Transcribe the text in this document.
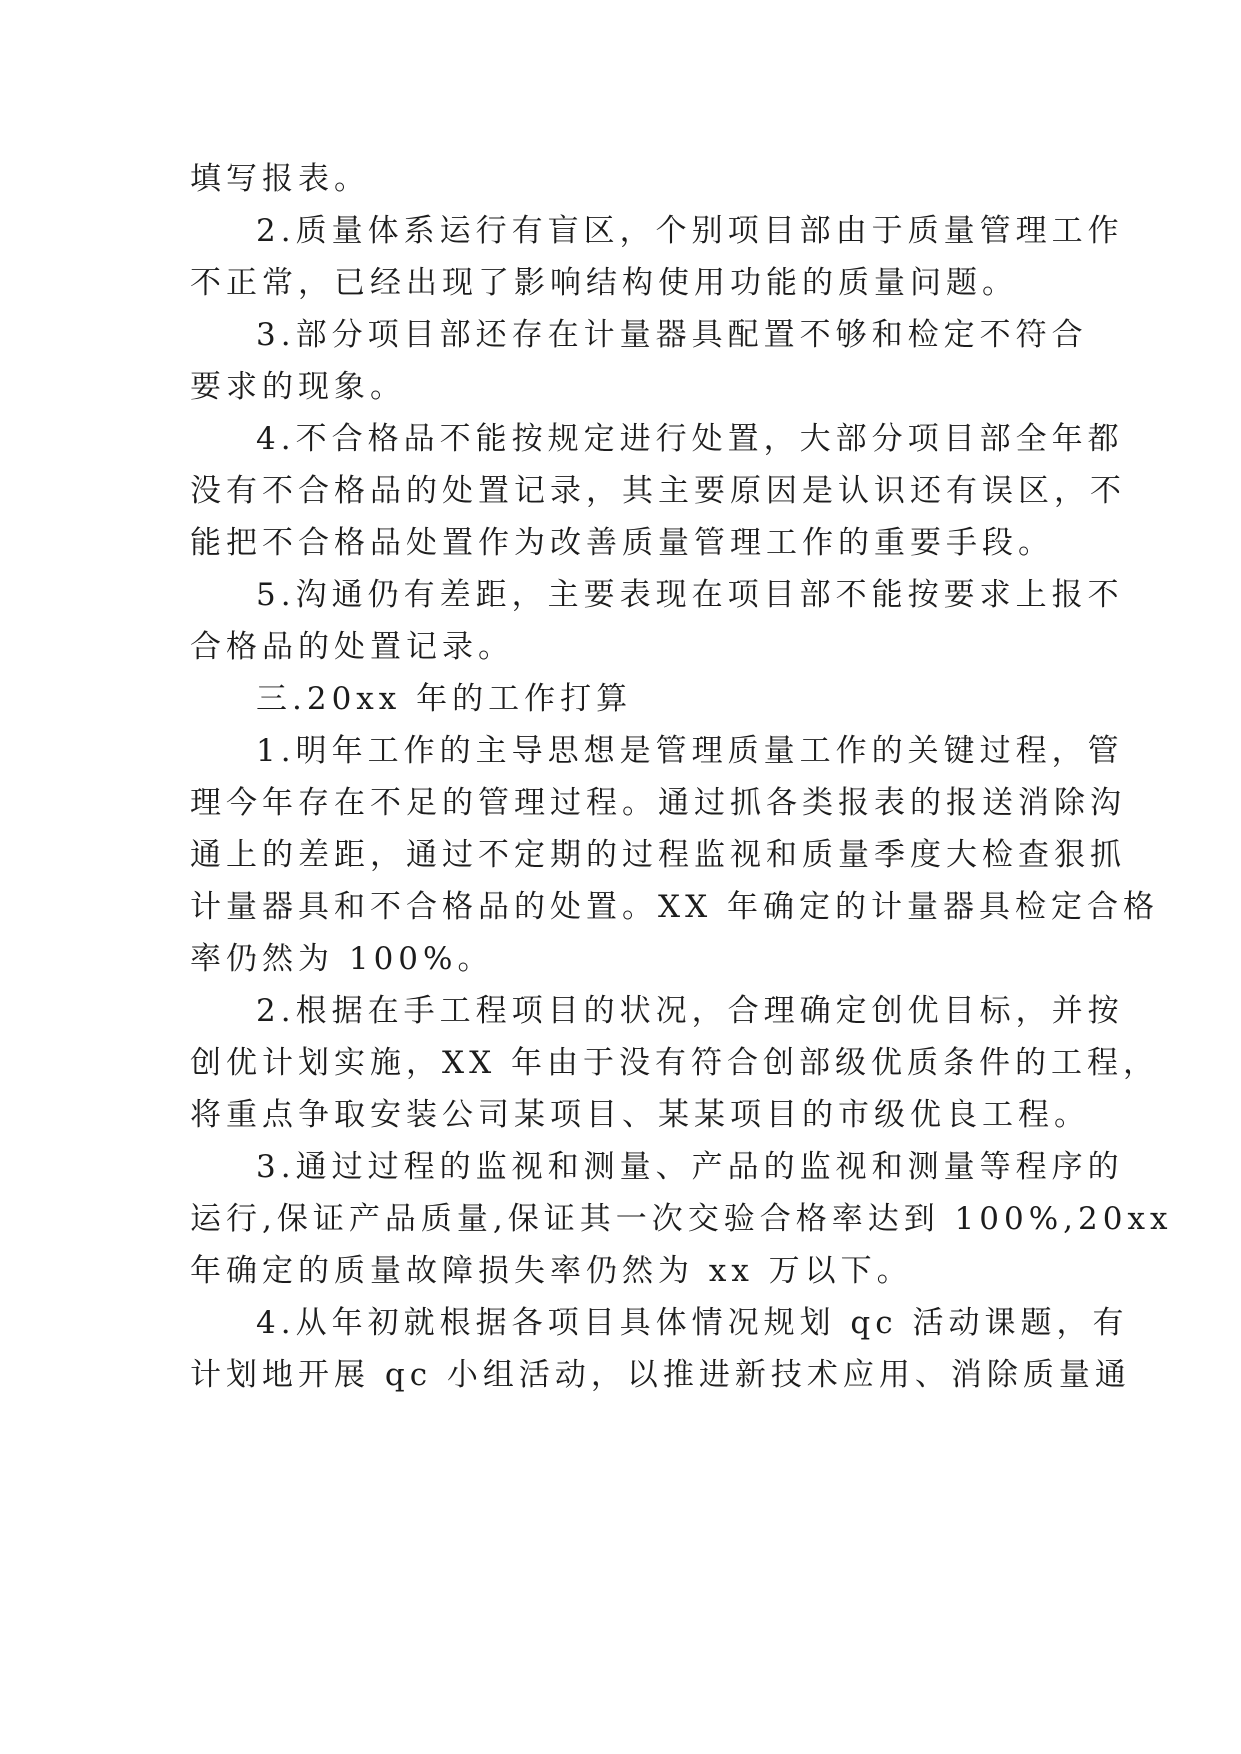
填写报表。
2.质量体系运行有盲区，个别项目部由于质量管理工作
不正常，已经出现了影响结构使用功能的质量问题。
3.部分项目部还存在计量器具配置不够和检定不符合
要求的现象。
4.不合格品不能按规定进行处置，大部分项目部全年都
没有不合格品的处置记录，其主要原因是认识还有误区，不
能把不合格品处置作为改善质量管理工作的重要手段。
5.沟通仍有差距，主要表现在项目部不能按要求上报不
合格品的处置记录。
三.20xx 年的工作打算
1.明年工作的主导思想是管理质量工作的关键过程，管
理今年存在不足的管理过程。通过抓各类报表的报送消除沟
通上的差距，通过不定期的过程监视和质量季度大检查狠抓
计量器具和不合格品的处置。XX 年确定的计量器具检定合格
率仍然为 100%。
2.根据在手工程项目的状况，合理确定创优目标，并按
创优计划实施，XX 年由于没有符合创部级优质条件的工程，
将重点争取安装公司某项目、某某项目的市级优良工程。
3.通过过程的监视和测量、产品的监视和测量等程序的
运行,保证产品质量,保证其一次交验合格率达到 100%,20xx
年确定的质量故障损失率仍然为 xx 万以下。
4.从年初就根据各项目具体情况规划 qc 活动课题，有
计划地开展 qc 小组活动，以推进新技术应用、消除质量通
